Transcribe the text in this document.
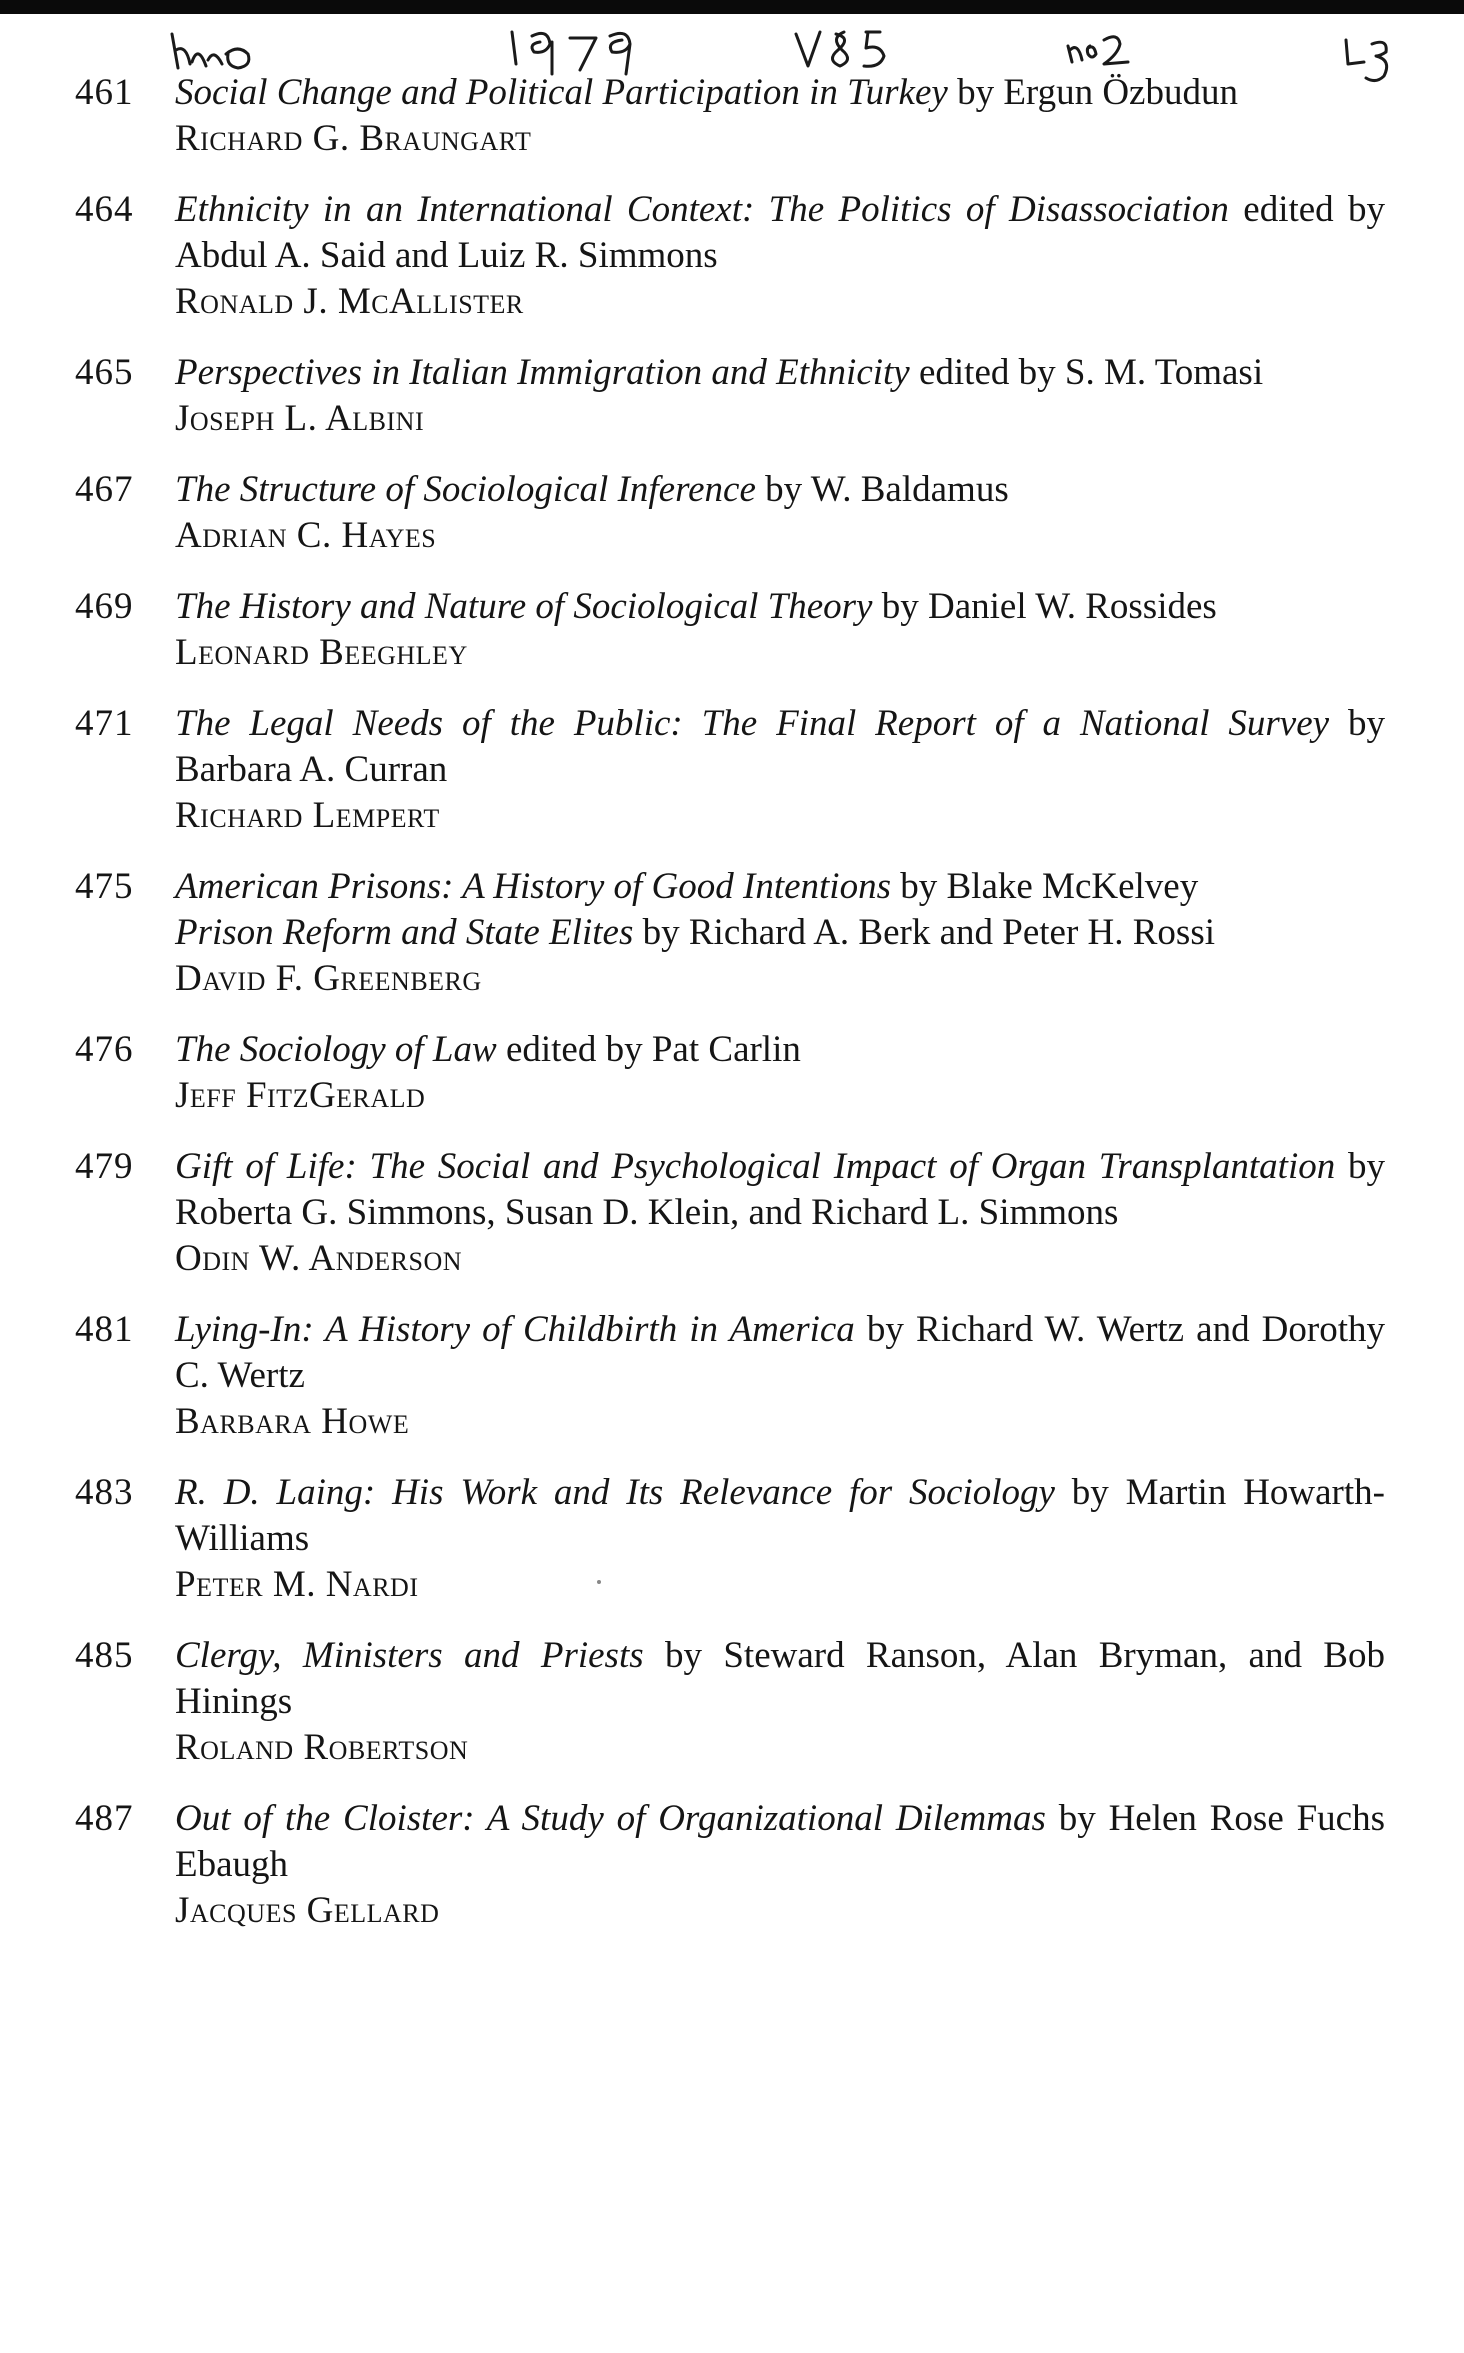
461	Social Change and Political Participation in Turkey by Ergun Özbudun
Richard G. Braungart
464	Ethnicity in an International Context: The Politics of Disassociation edited by Abdul A. Said and Luiz R. Simmons
Ronald J. McAllister
465	Perspectives in Italian Immigration and Ethnicity edited by S. M. Tomasi
Joseph L. Albini
467	The Structure of Sociological Inference by W. Baldamus
Adrian C. Hayes
469	The History and Nature of Sociological Theory by Daniel W. Rossides
Leonard Beeghley
471	The Legal Needs of the Public: The Final Report of a National Survey by Barbara A. Curran
Richard Lempert
475	American Prisons: A History of Good Intentions by Blake McKelvey
Prison Reform and State Elites by Richard A. Berk and Peter H. Rossi
David F. Greenberg
476	The Sociology of Law edited by Pat Carlin
Jeff FitzGerald
479	Gift of Life: The Social and Psychological Impact of Organ Transplantation by Roberta G. Simmons, Susan D. Klein, and Richard L. Simmons
Odin W. Anderson
481	Lying-In: A History of Childbirth in America by Richard W. Wertz and Dorothy C. Wertz
Barbara Howe
483	R. D. Laing: His Work and Its Relevance for Sociology by Martin Howarth-Williams
Peter M. Nardi
485	Clergy, Ministers and Priests by Steward Ranson, Alan Bryman, and Bob Hinings
Roland Robertson
487	Out of the Cloister: A Study of Organizational Dilemmas by Helen Rose Fuchs Ebaugh
Jacques Gellard
